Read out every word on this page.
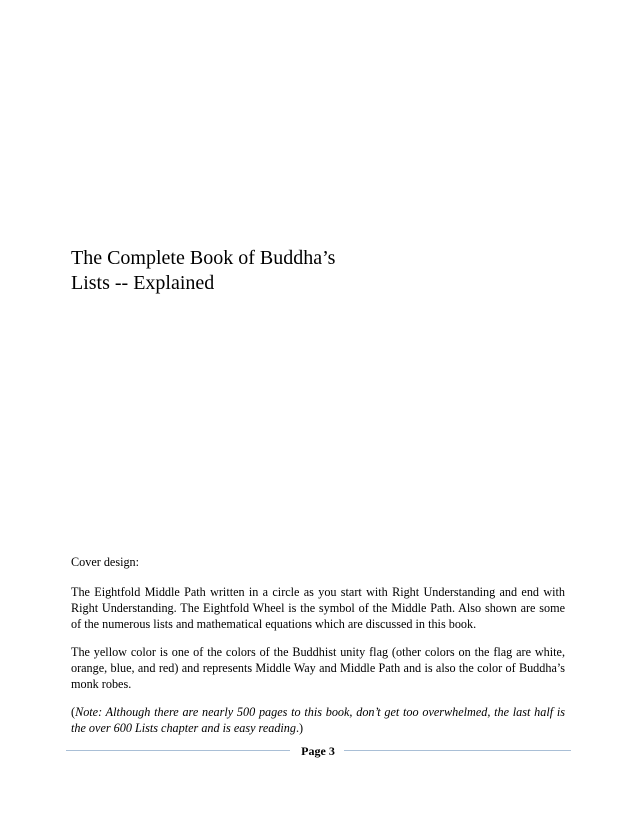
The Complete Book of Buddha’s
Lists -- Explained

Cover design:

The Eightfold Middle Path written in a circle as you start with Right Understanding and end with Right Understanding. The Eightfold Wheel is the symbol of the Middle Path. Also shown are some of the numerous lists and mathematical equations which are discussed in this book.

The yellow color is one of the colors of the Buddhist unity flag (other colors on the flag are white, orange, blue, and red) and represents Middle Way and Middle Path and is also the color of Buddha’s monk robes.

(Note: Although there are nearly 500 pages to this book, don’t get too overwhelmed, the last half is the over 600 Lists chapter and is easy reading.)

Page 3
